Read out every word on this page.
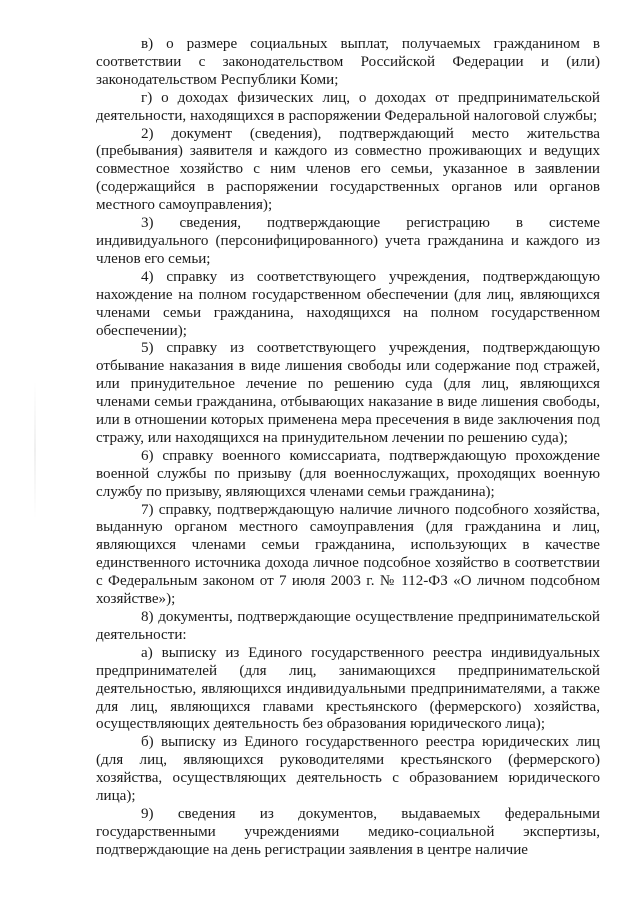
в) о размере социальных выплат, получаемых гражданином в соответствии с законодательством Российской Федерации и (или) законодательством Республики Коми;

г) о доходах физических лиц, о доходах от предпринимательской деятельности, находящихся в распоряжении Федеральной налоговой службы;

2) документ (сведения), подтверждающий место жительства (пребывания) заявителя и каждого из совместно проживающих и ведущих совместное хозяйство с ним членов его семьи, указанное в заявлении (содержащийся в распоряжении государственных органов или органов местного самоуправления);

3) сведения, подтверждающие регистрацию в системе индивидуального (персонифицированного) учета гражданина и каждого из членов его семьи;

4) справку из соответствующего учреждения, подтверждающую нахождение на полном государственном обеспечении (для лиц, являющихся членами семьи гражданина, находящихся на полном государственном обеспечении);

5) справку из соответствующего учреждения, подтверждающую отбывание наказания в виде лишения свободы или содержание под стражей, или принудительное лечение по решению суда (для лиц, являющихся членами семьи гражданина, отбывающих наказание в виде лишения свободы, или в отношении которых применена мера пресечения в виде заключения под стражу, или находящихся на принудительном лечении по решению суда);

6) справку военного комиссариата, подтверждающую прохождение военной службы по призыву (для военнослужащих, проходящих военную службу по призыву, являющихся членами семьи гражданина);

7) справку, подтверждающую наличие личного подсобного хозяйства, выданную органом местного самоуправления (для гражданина и лиц, являющихся членами семьи гражданина, использующих в качестве единственного источника дохода личное подсобное хозяйство в соответствии с Федеральным законом от 7 июля 2003 г. № 112-ФЗ «О личном подсобном хозяйстве»);

8) документы, подтверждающие осуществление предпринимательской деятельности:

а) выписку из Единого государственного реестра индивидуальных предпринимателей (для лиц, занимающихся предпринимательской деятельностью, являющихся индивидуальными предпринимателями, а также для лиц, являющихся главами крестьянского (фермерского) хозяйства, осуществляющих деятельность без образования юридического лица);

б) выписку из Единого государственного реестра юридических лиц (для лиц, являющихся руководителями крестьянского (фермерского) хозяйства, осуществляющих деятельность с образованием юридического лица);

9) сведения из документов, выдаваемых федеральными государственными учреждениями медико-социальной экспертизы, подтверждающие на день регистрации заявления в центре наличие
